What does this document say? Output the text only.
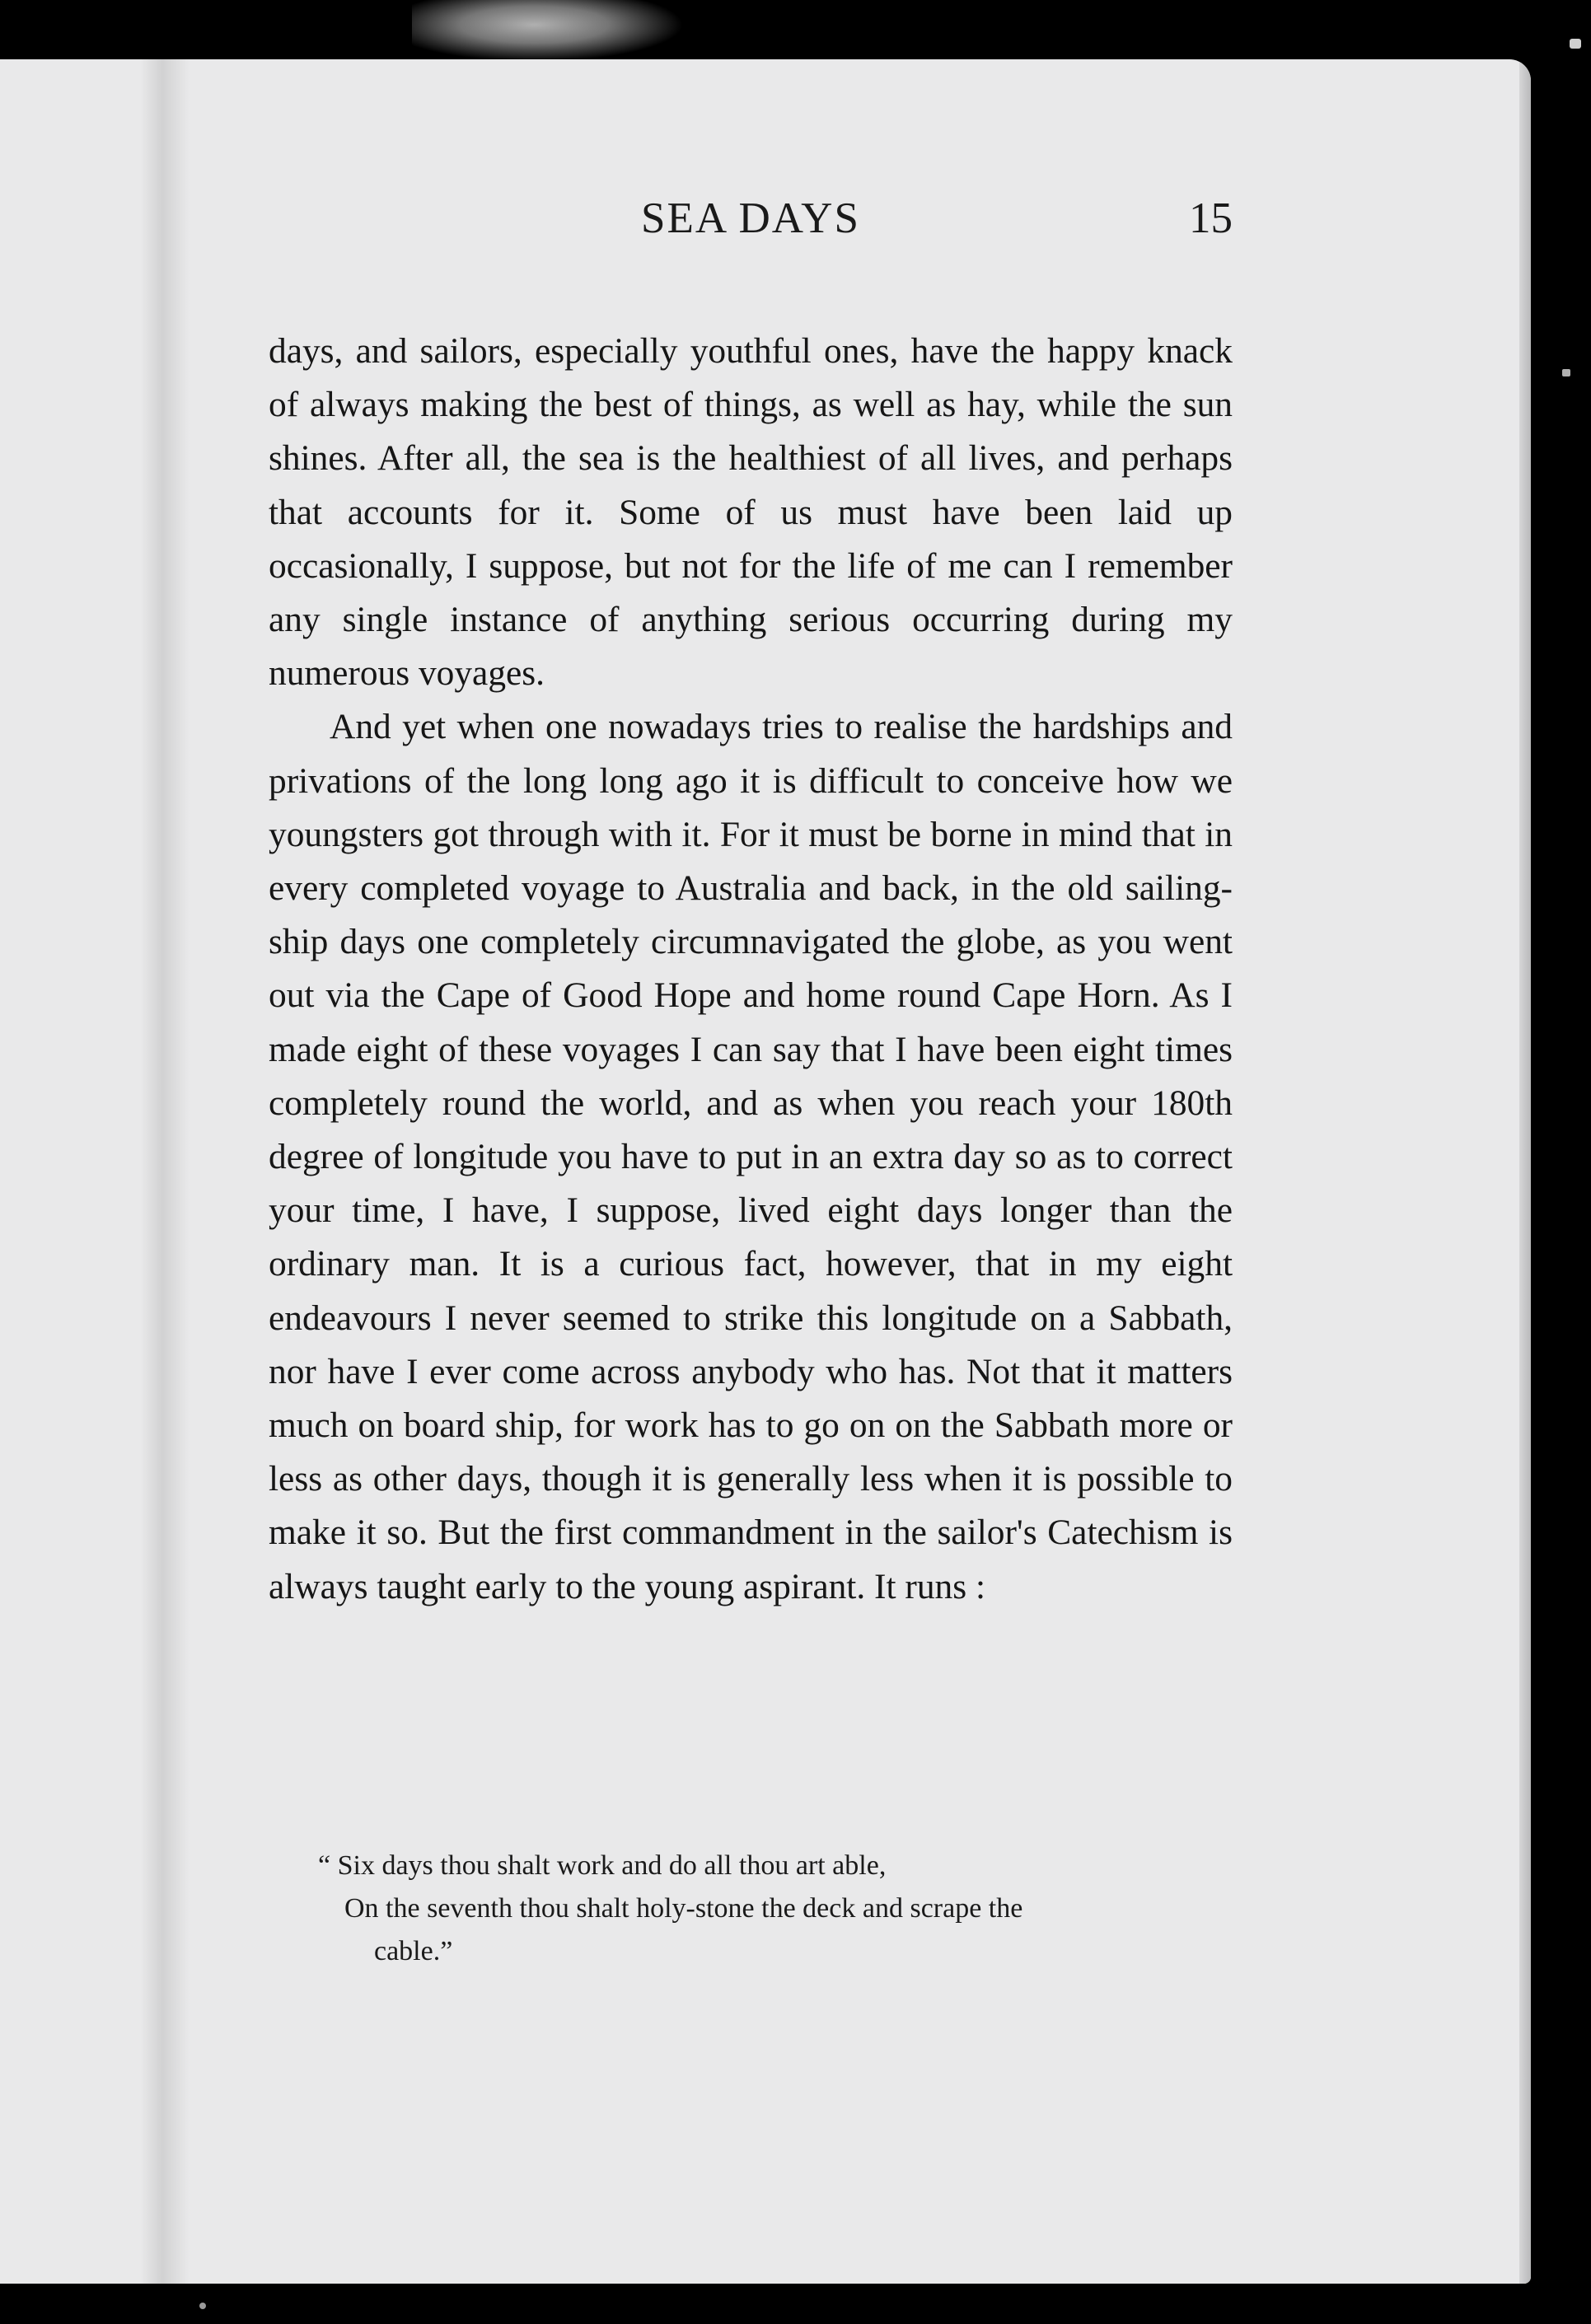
SEA DAYS	15

days, and sailors, especially youthful ones, have the happy knack of always making the best of things, as well as hay, while the sun shines. After all, the sea is the healthiest of all lives, and perhaps that accounts for it. Some of us must have been laid up occasionally, I suppose, but not for the life of me can I remember any single instance of anything serious occurring during my numerous voyages.

And yet when one nowadays tries to realise the hardships and privations of the long long ago it is difficult to conceive how we youngsters got through with it. For it must be borne in mind that in every completed voyage to Australia and back, in the old sailing-ship days one completely circumnavigated the globe, as you went out via the Cape of Good Hope and home round Cape Horn. As I made eight of these voyages I can say that I have been eight times completely round the world, and as when you reach your 180th degree of longitude you have to put in an extra day so as to correct your time, I have, I suppose, lived eight days longer than the ordinary man. It is a curious fact, however, that in my eight endeavours I never seemed to strike this longitude on a Sabbath, nor have I ever come across anybody who has. Not that it matters much on board ship, for work has to go on on the Sabbath more or less as other days, though it is generally less when it is possible to make it so. But the first commandment in the sailor's Catechism is always taught early to the young aspirant. It runs :

“ Six days thou shalt work and do all thou art able,
On the seventh thou shalt holy-stone the deck and scrape the
cable.”
